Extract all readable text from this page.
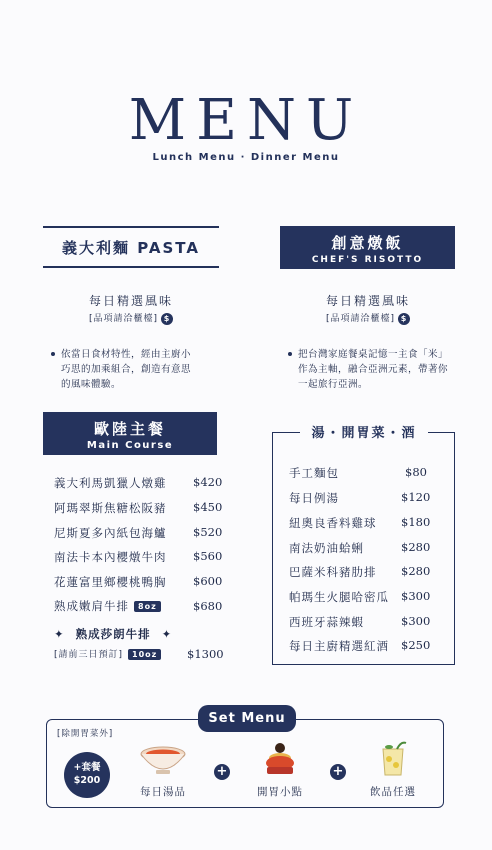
MENU
Lunch Menu · Dinner Menu
義大利麵 PASTA
每日精選風味
[品項請洽櫃檯] $
依當日食材特性，經由主廚小
巧思的加乘組合，創造有意思
的風味體驗。
創意燉飯
CHEF'S RISOTTO
每日精選風味
[品項請洽櫃檯] $
把台灣家庭餐桌記憶一主食「米」
作為主軸，融合亞洲元素，帶著你
一起旅行亞洲。
歐陸主餐
Main Course
義大利馬凱獵人燉雞 $420
阿瑪翠斯焦糖松阪豬 $450
尼斯夏多內紙包海鱸 $520
南法卡本內櫻燉牛肉 $560
花蓮富里鄉櫻桃鴨胸 $600
熟成嫩肩牛排 8oz	$680
✦ 熟成莎朗牛排 ✦
[請前三日預訂] 10oz	$1300
湯・開胃菜・酒
手工麵包	$80
每日例湯	$120
紐奧良香料雞球 $180
南法奶油蛤蜊	$280
巴薩米科豬肋排 $280
帕瑪生火腿哈密瓜 $300
西班牙蒜辣蝦	$300
每日主廚精選紅酒 $250
Set Menu
[除開胃菜外]
+套餐
$200
每日湯品
+
開胃小點
+
飲品任選
